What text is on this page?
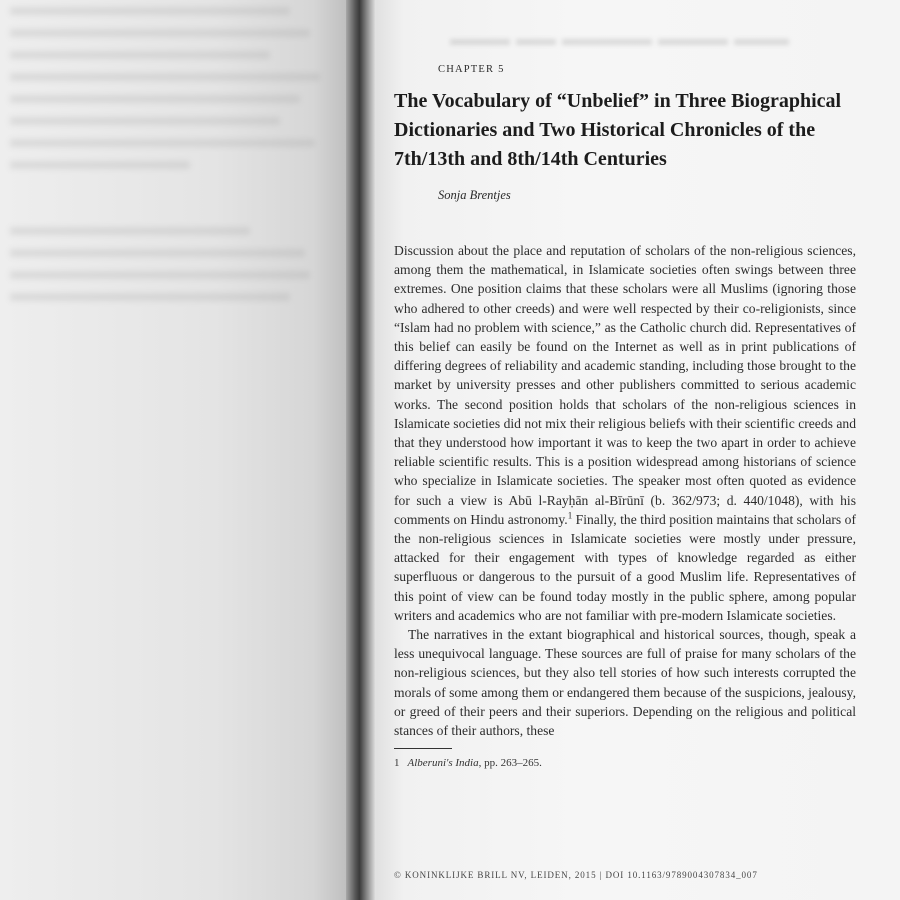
CHAPTER 5
The Vocabulary of “Unbelief” in Three Biographical Dictionaries and Two Historical Chronicles of the 7th/13th and 8th/14th Centuries
Sonja Brentjes

Discussion about the place and reputation of scholars of the non-religious sciences, among them the mathematical, in Islamicate societies often swings between three extremes. One position claims that these scholars were all Muslims (ignoring those who adhered to other creeds) and were well respected by their co-religionists, since “Islam had no problem with science,” as the Catholic church did. Representatives of this belief can easily be found on the Internet as well as in print publications of differing degrees of reliability and academic standing, including those brought to the market by university presses and other publishers committed to serious academic works. The second position holds that scholars of the non-religious sciences in Islamicate societies did not mix their religious beliefs with their scientific creeds and that they understood how important it was to keep the two apart in order to achieve reliable scientific results. This is a position widespread among historians of science who specialize in Islamicate societies. The speaker most often quoted as evidence for such a view is Abū l-Rayḥān al-Bīrūnī (b. 362/973; d. 440/1048), with his comments on Hindu astronomy.$^1$ Finally, the third position maintains that scholars of the non-religious sciences in Islamicate societies were mostly under pressure, attacked for their engagement with types of knowledge regarded as either superfluous or dangerous to the pursuit of a good Muslim life. Representatives of this point of view can be found today mostly in the public sphere, among popular writers and academics who are not familiar with pre-modern Islamicate societies.

The narratives in the extant biographical and historical sources, though, speak a less unequivocal language. These sources are full of praise for many scholars of the non-religious sciences, but they also tell stories of how such interests corrupted the morals of some among them or endangered them because of the suspicions, jealousy, or greed of their peers and their superiors. Depending on the religious and political stances of their authors, these

1 Alberuni's India, pp. 263–265.
© KONINKLIJKE BRILL NV, LEIDEN, 2015 | DOI 10.1163/9789004307834_007
